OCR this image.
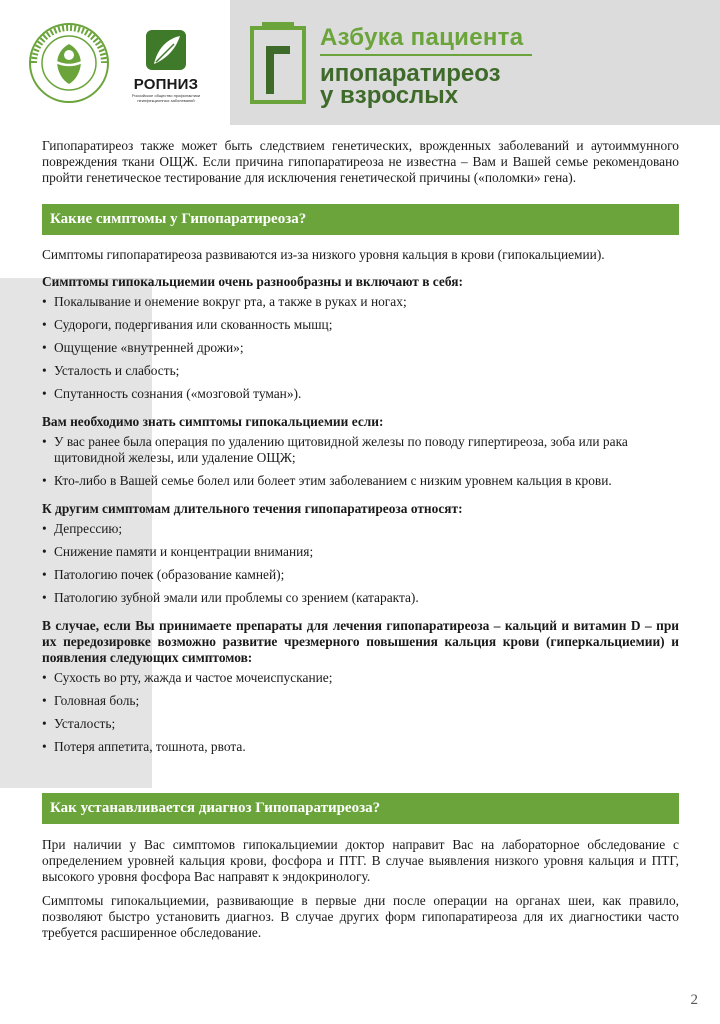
РОПНИЗ
Российское общество профилактики неинфекционных заболеваний
Азбука пациента
ипопаратиреоз
у взрослых

Гипопаратиреоз также может быть следствием генетических, врожденных заболеваний и аутоиммунного повреждения ткани ОЩЖ. Если причина гипопаратиреоза не известна – Вам и Вашей семье рекомендовано пройти генетическое тестирование для исключения генетической причины («поломки» гена).

Какие симптомы у Гипопаратиреоза?

Симптомы гипопаратиреоза развиваются из-за низкого уровня кальция в крови (гипокальциемии).

Симптомы гипокальциемии очень разнообразны и включают в себя:

• Покалывание и онемение вокруг рта, а также в руках и ногах;
• Судороги, подергивания или скованность мышц;
• Ощущение «внутренней дрожи»;
• Усталость и слабость;
• Спутанность сознания («мозговой туман»).

Вам необходимо знать симптомы гипокальциемии если:

• У вас ранее была операция по удалению щитовидной железы по поводу гипертиреоза, зоба или рака щитовидной железы, или удаление ОЩЖ;
• Кто-либо в Вашей семье болел или болеет этим заболеванием с низким уровнем кальция в крови.

К другим симптомам длительного течения гипопаратиреоза относят:

• Депрессию;
• Снижение памяти и концентрации внимания;
• Патологию почек (образование камней);
• Патологию зубной эмали или проблемы со зрением (катаракта).

В случае, если Вы принимаете препараты для лечения гипопаратиреоза – кальций и витамин D – при их передозировке возможно развитие чрезмерного повышения кальция крови (гиперкальциемии) и появления следующих симптомов:

• Сухость во рту, жажда и частое мочеиспускание;
• Головная боль;
• Усталость;
• Потеря аппетита, тошнота, рвота.
Как устанавливается диагноз Гипопаратиреоза?

При наличии у Вас симптомов гипокальциемии доктор направит Вас на лабораторное обследование с определением уровней кальция крови, фосфора и ПТГ. В случае выявления низкого уровня кальция и ПТГ, высокого уровня фосфора Вас направят к эндокринологу.

Симптомы гипокальциемии, развивающие в первые дни после операции на органах шеи, как правило, позволяют быстро установить диагноз. В случае других форм гипопаратиреоза для их диагностики часто требуется расширенное обследование.

2
